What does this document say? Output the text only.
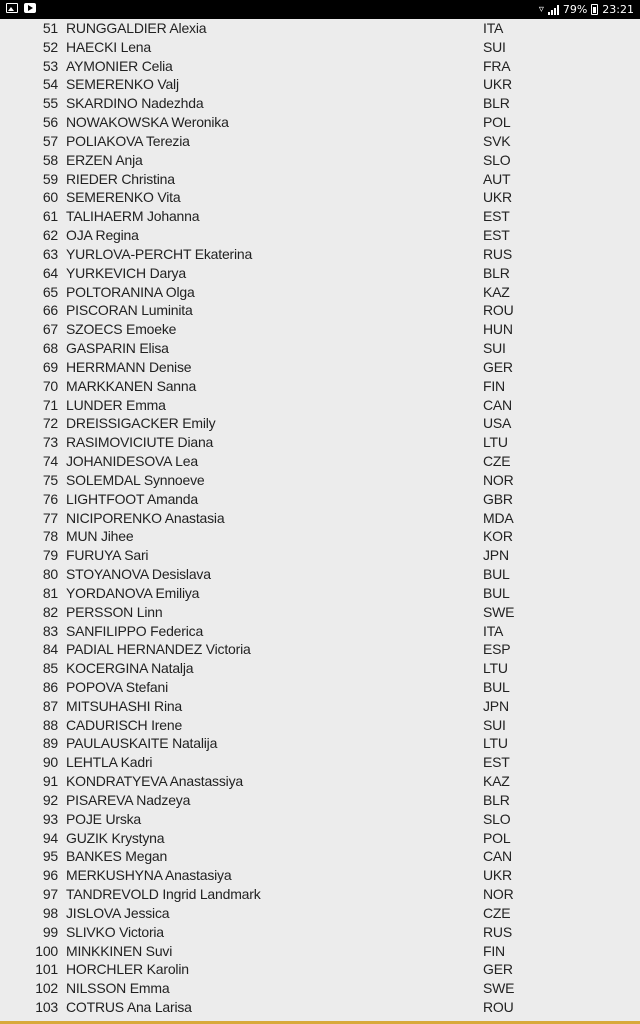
▿ 79% 23:21
51 RUNGGALDIER Alexia	ITA
52 HAECKI Lena	SUI
53 AYMONIER Celia	FRA
54 SEMERENKO Valj	UKR
55 SKARDINO Nadezhda	BLR
56 NOWAKOWSKA Weronika	POL
57 POLIAKOVA Terezia	SVK
58 ERZEN Anja	SLO
59 RIEDER Christina	AUT
60 SEMERENKO Vita	UKR
61 TALIHAERM Johanna	EST
62 OJA Regina	EST
63 YURLOVA-PERCHT Ekaterina	RUS
64 YURKEVICH Darya	BLR
65 POLTORANINA Olga	KAZ
66 PISCORAN Luminita	ROU
67 SZOECS Emoeke	HUN
68 GASPARIN Elisa	SUI
69 HERRMANN Denise	GER
70 MARKKANEN Sanna	FIN
71 LUNDER Emma	CAN
72 DREISSIGACKER Emily	USA
73 RASIMOVICIUTE Diana	LTU
74 JOHANIDESOVA Lea	CZE
75 SOLEMDAL Synnoeve	NOR
76 LIGHTFOOT Amanda	GBR
77 NICIPORENKO Anastasia	MDA
78 MUN Jihee	KOR
79 FURUYA Sari	JPN
80 STOYANOVA Desislava	BUL
81 YORDANOVA Emiliya	BUL
82 PERSSON Linn	SWE
83 SANFILIPPO Federica	ITA
84 PADIAL HERNANDEZ Victoria	ESP
85 KOCERGINA Natalja	LTU
86 POPOVA Stefani	BUL
87 MITSUHASHI Rina	JPN
88 CADURISCH Irene	SUI
89 PAULAUSKAITE Natalija	LTU
90 LEHTLA Kadri	EST
91 KONDRATYEVA Anastassiya	KAZ
92 PISAREVA Nadzeya	BLR
93 POJE Urska	SLO
94 GUZIK Krystyna	POL
95 BANKES Megan	CAN
96 MERKUSHYNA Anastasiya	UKR
97 TANDREVOLD Ingrid Landmark	NOR
98 JISLOVA Jessica	CZE
99 SLIVKO Victoria	RUS
100 MINKKINEN Suvi	FIN
101 HORCHLER Karolin	GER
102 NILSSON Emma	SWE
103 COTRUS Ana Larisa	ROU
